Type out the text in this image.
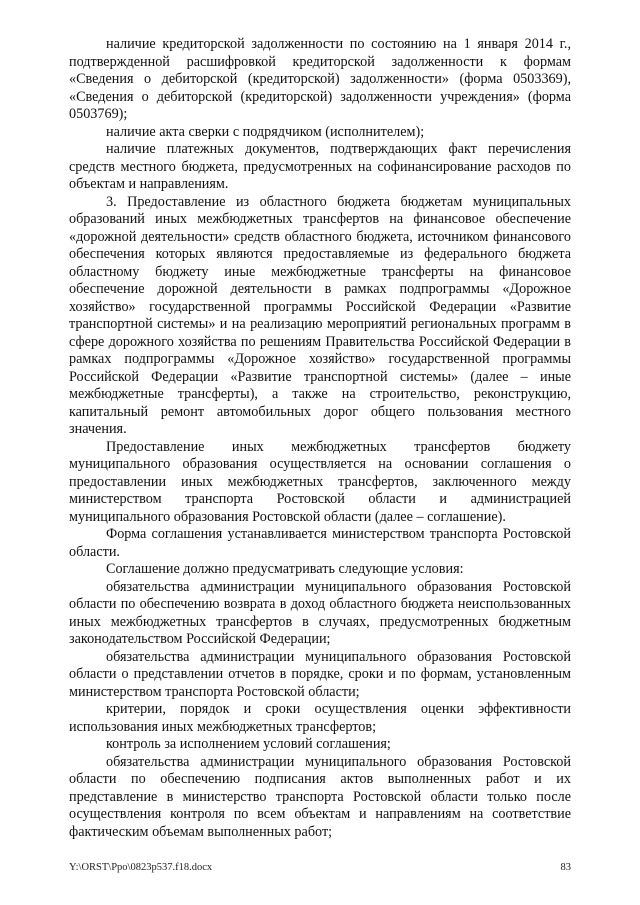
наличие кредиторской задолженности по состоянию на 1 января 2014 г., подтвержденной расшифровкой кредиторской задолженности к формам «Сведения о дебиторской (кредиторской) задолженности» (форма 0503369), «Сведения о дебиторской (кредиторской) задолженности учреждения» (форма 0503769);

наличие акта сверки с подрядчиком (исполнителем);

наличие платежных документов, подтверждающих факт перечисления средств местного бюджета, предусмотренных на софинансирование расходов по объектам и направлениям.

3. Предоставление из областного бюджета бюджетам муниципальных образований иных межбюджетных трансфертов на финансовое обеспечение «дорожной деятельности» средств областного бюджета, источником финансового обеспечения которых являются предоставляемые из федерального бюджета областному бюджету иные межбюджетные трансферты на финансовое обеспечение дорожной деятельности в рамках подпрограммы «Дорожное хозяйство» государственной программы Российской Федерации «Развитие транспортной системы» и на реализацию мероприятий региональных программ в сфере дорожного хозяйства по решениям Правительства Российской Федерации в рамках подпрограммы «Дорожное хозяйство» государственной программы Российской Федерации «Развитие транспортной системы» (далее – иные межбюджетные трансферты), а также на строительство, реконструкцию, капитальный ремонт автомобильных дорог общего пользования местного значения.

Предоставление иных межбюджетных трансфертов бюджету муниципального образования осуществляется на основании соглашения о предоставлении иных межбюджетных трансфертов, заключенного между министерством транспорта Ростовской области и администрацией муниципального образования Ростовской области (далее – соглашение).

Форма соглашения устанавливается министерством транспорта Ростовской области.

Соглашение должно предусматривать следующие условия:

обязательства администрации муниципального образования Ростовской области по обеспечению возврата в доход областного бюджета неиспользованных иных межбюджетных трансфертов в случаях, предусмотренных бюджетным законодательством Российской Федерации;

обязательства администрации муниципального образования Ростовской области о представлении отчетов в порядке, сроки и по формам, установленным министерством транспорта Ростовской области;

критерии, порядок и сроки осуществления оценки эффективности использования иных межбюджетных трансфертов;

контроль за исполнением условий соглашения;

обязательства администрации муниципального образования Ростовской области по обеспечению подписания актов выполненных работ и их представление в министерство транспорта Ростовской области только после осуществления контроля по всем объектам и направлениям на соответствие фактическим объемам выполненных работ;

Y:\ORST\Ppo\0823p537.f18.docx	83
